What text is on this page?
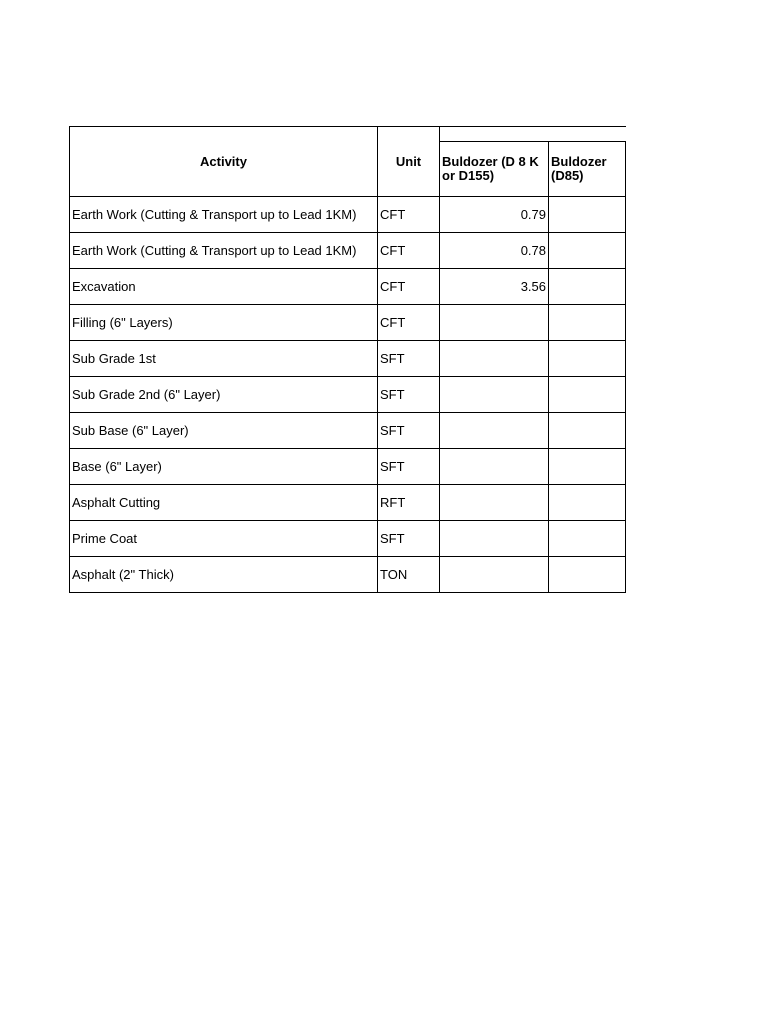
Activity	Unit		
		Buldozer (D 8 K or D155)	Buldozer (D85)
Earth Work (Cutting & Transport up to Lead 1KM)	CFT	0.79	
Earth Work (Cutting & Transport up to Lead 1KM)	CFT	0.78	
Excavation	CFT	3.56	
Filling (6" Layers)	CFT		
Sub Grade 1st	SFT		
Sub Grade 2nd (6" Layer)	SFT		
Sub Base (6" Layer)	SFT		
Base (6" Layer)	SFT		
Asphalt Cutting	RFT		
Prime Coat	SFT		
Asphalt (2" Thick)	TON		
